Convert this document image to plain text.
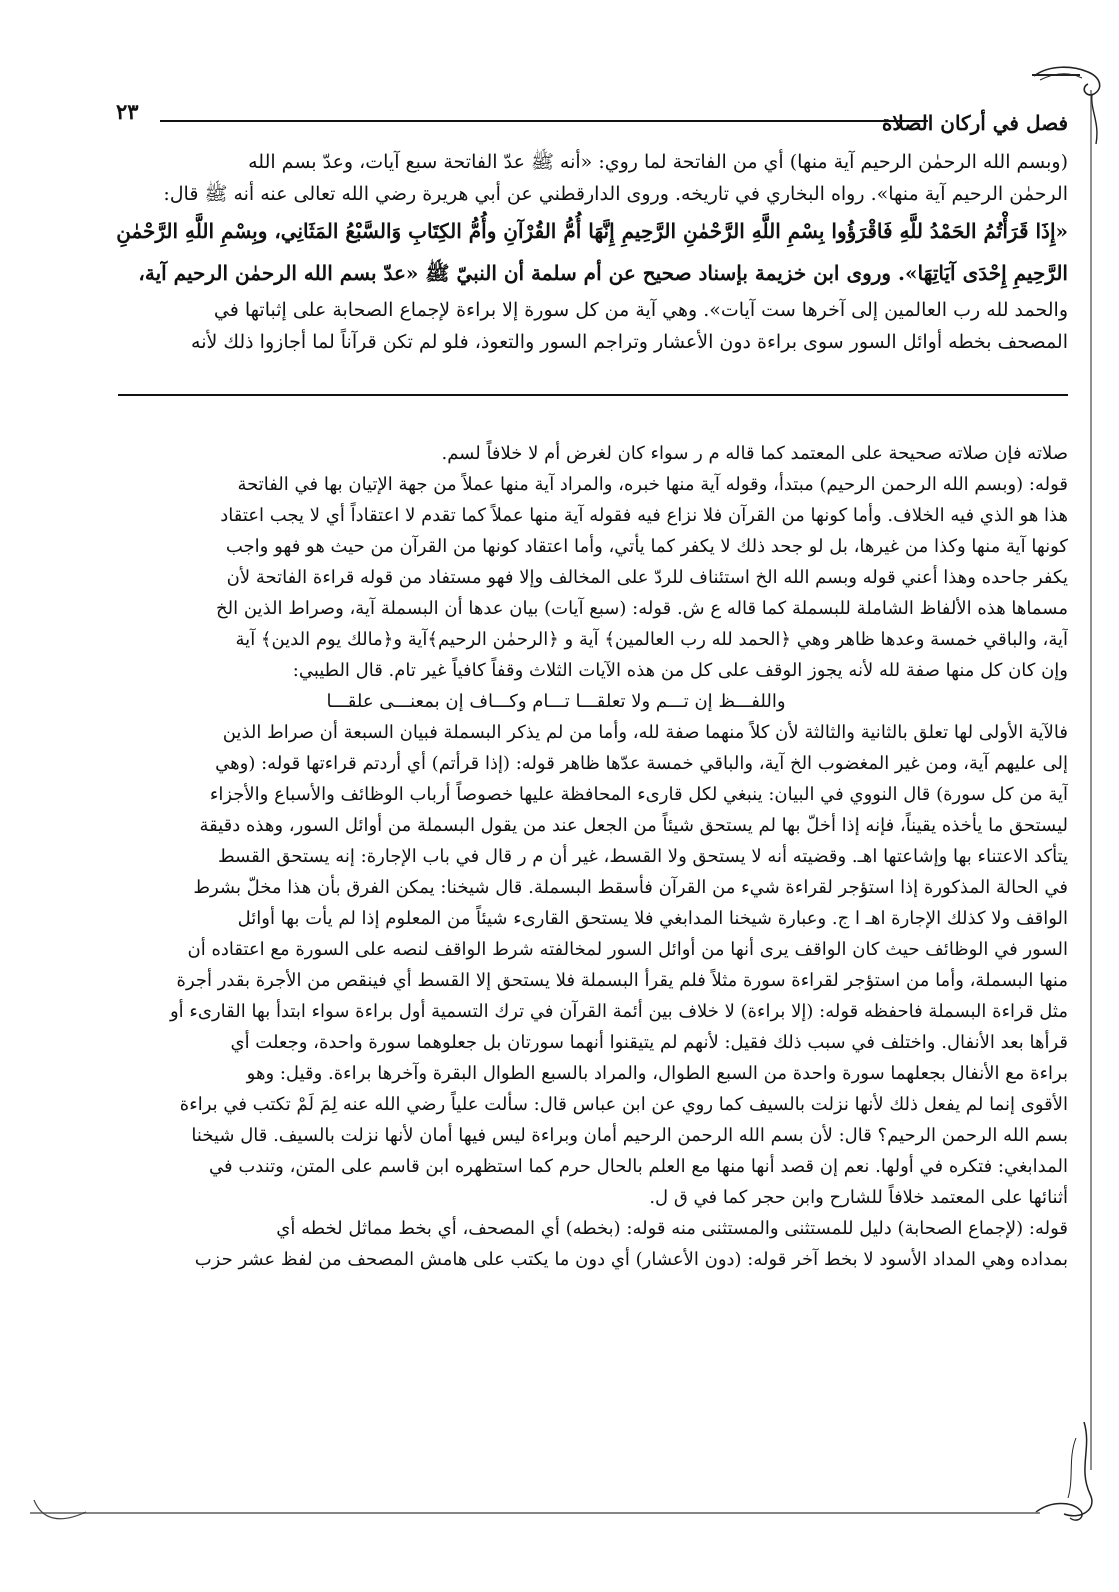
٢٣	فصل في أركان الصلاة
(وبسم الله الرحمٰن الرحيم آية منها) أي من الفاتحة لما روي: «أنه ﷺ عدّ الفاتحة سبع آيات، وعدّ بسم الله
الرحمٰن الرحيم آية منها». رواه البخاري في تاريخه. وروى الدارقطني عن أبي هريرة رضي الله تعالى عنه أنه ﷺ قال:
«إِذَا قَرَأْتُمُ الحَمْدُ للَّهِ فَاقْرَؤُوا بِسْمِ اللَّهِ الرَّحْمٰنِ الرَّحِيمِ إِنَّهَا أُمُّ القُرْآنِ وأُمُّ الكِتَابِ وَالسَّبْعُ المَثَانِي، وبِسْمِ اللَّهِ الرَّحْمٰنِ
الرَّحِيمِ إِحْدَى آيَاتِهَا». وروى ابن خزيمة بإسناد صحيح عن أم سلمة أن النبيّ ﷺ «عدّ بسم الله الرحمٰن الرحيم آية،
والحمد لله رب العالمين إلى آخرها ست آيات». وهي آية من كل سورة إلا براءة لإجماع الصحابة على إثباتها في
المصحف بخطه أوائل السور سوى براءة دون الأعشار وتراجم السور والتعوذ، فلو لم تكن قرآناً لما أجازوا ذلك لأنه
صلاته فإن صلاته صحيحة على المعتمد كما قاله م ر سواء كان لغرض أم لا خلافاً لسم.
قوله: (وبسم الله الرحمن الرحيم) مبتدأ، وقوله آية منها خبره، والمراد آية منها عملاً من جهة الإتيان بها في الفاتحة
هذا هو الذي فيه الخلاف. وأما كونها من القرآن فلا نزاع فيه فقوله آية منها عملاً كما تقدم لا اعتقاداً أي لا يجب اعتقاد
كونها آية منها وكذا من غيرها، بل لو جحد ذلك لا يكفر كما يأتي، وأما اعتقاد كونها من القرآن من حيث هو فهو واجب
يكفر جاحده وهذا أعني قوله وبسم الله الخ استئناف للردّ على المخالف وإلا فهو مستفاد من قوله قراءة الفاتحة لأن
مسماها هذه الألفاظ الشاملة للبسملة كما قاله ع ش. قوله: (سبع آيات) بيان عدها أن البسملة آية، وصراط الذين الخ
آية، والباقي خمسة وعدها ظاهر وهي ﴿الحمد لله رب العالمين﴾ آية و ﴿الرحمٰن الرحيم﴾آية و﴿مالك يوم الدين﴾ آية
وإن كان كل منها صفة لله لأنه يجوز الوقف على كل من هذه الآيات الثلاث وقفاً كافياً غير تام. قال الطيبي:
واللفـــظ إن تـــم ولا تعلقـــا تـــام وكـــاف إن بمعنـــى علقـــا
فالآية الأولى لها تعلق بالثانية والثالثة لأن كلاً منهما صفة لله، وأما من لم يذكر البسملة فبيان السبعة أن صراط الذين
إلى عليهم آية، ومن غير المغضوب الخ آية، والباقي خمسة عدّها ظاهر قوله: (إذا قرأتم) أي أردتم قراءتها قوله: (وهي
آية من كل سورة) قال النووي في البيان: ينبغي لكل قارىء المحافظة عليها خصوصاً أرباب الوظائف والأسباع والأجزاء
ليستحق ما يأخذه يقيناً، فإنه إذا أخلّ بها لم يستحق شيئاً من الجعل عند من يقول البسملة من أوائل السور، وهذه دقيقة
يتأكد الاعتناء بها وإشاعتها اهـ. وقضيته أنه لا يستحق ولا القسط، غير أن م ر قال في باب الإجارة: إنه يستحق القسط
في الحالة المذكورة إذا استؤجر لقراءة شيء من القرآن فأسقط البسملة. قال شيخنا: يمكن الفرق بأن هذا مخلّ بشرط
الواقف ولا كذلك الإجارة اهـ ا ج. وعبارة شيخنا المدابغي فلا يستحق القارىء شيئاً من المعلوم إذا لم يأت بها أوائل
السور في الوظائف حيث كان الواقف يرى أنها من أوائل السور لمخالفته شرط الواقف لنصه على السورة مع اعتقاده أن
منها البسملة، وأما من استؤجر لقراءة سورة مثلاً فلم يقرأ البسملة فلا يستحق إلا القسط أي فينقص من الأجرة بقدر أجرة
مثل قراءة البسملة فاحفظه قوله: (إلا براءة) لا خلاف بين أئمة القرآن في ترك التسمية أول براءة سواء ابتدأ بها القارىء أو
قرأها بعد الأنفال. واختلف في سبب ذلك فقيل: لأنهم لم يتيقنوا أنهما سورتان بل جعلوهما سورة واحدة، وجعلت أي
براءة مع الأنفال بجعلهما سورة واحدة من السبع الطوال، والمراد بالسبع الطوال البقرة وآخرها براءة. وقيل: وهو
الأقوى إنما لم يفعل ذلك لأنها نزلت بالسيف كما روي عن ابن عباس قال: سألت علياً رضي الله عنه لِمَ لَمْ تكتب في براءة
بسم الله الرحمن الرحيم؟ قال: لأن بسم الله الرحمن الرحيم أمان وبراءة ليس فيها أمان لأنها نزلت بالسيف. قال شيخنا
المدابغي: فتكره في أولها. نعم إن قصد أنها منها مع العلم بالحال حرم كما استظهره ابن قاسم على المتن، وتندب في
أثنائها على المعتمد خلافاً للشارح وابن حجر كما في ق ل.
قوله: (لإجماع الصحابة) دليل للمستثنى والمستثنى منه قوله: (بخطه) أي المصحف، أي بخط مماثل لخطه أي
بمداده وهي المداد الأسود لا بخط آخر قوله: (دون الأعشار) أي دون ما يكتب على هامش المصحف من لفظ عشر حزب
